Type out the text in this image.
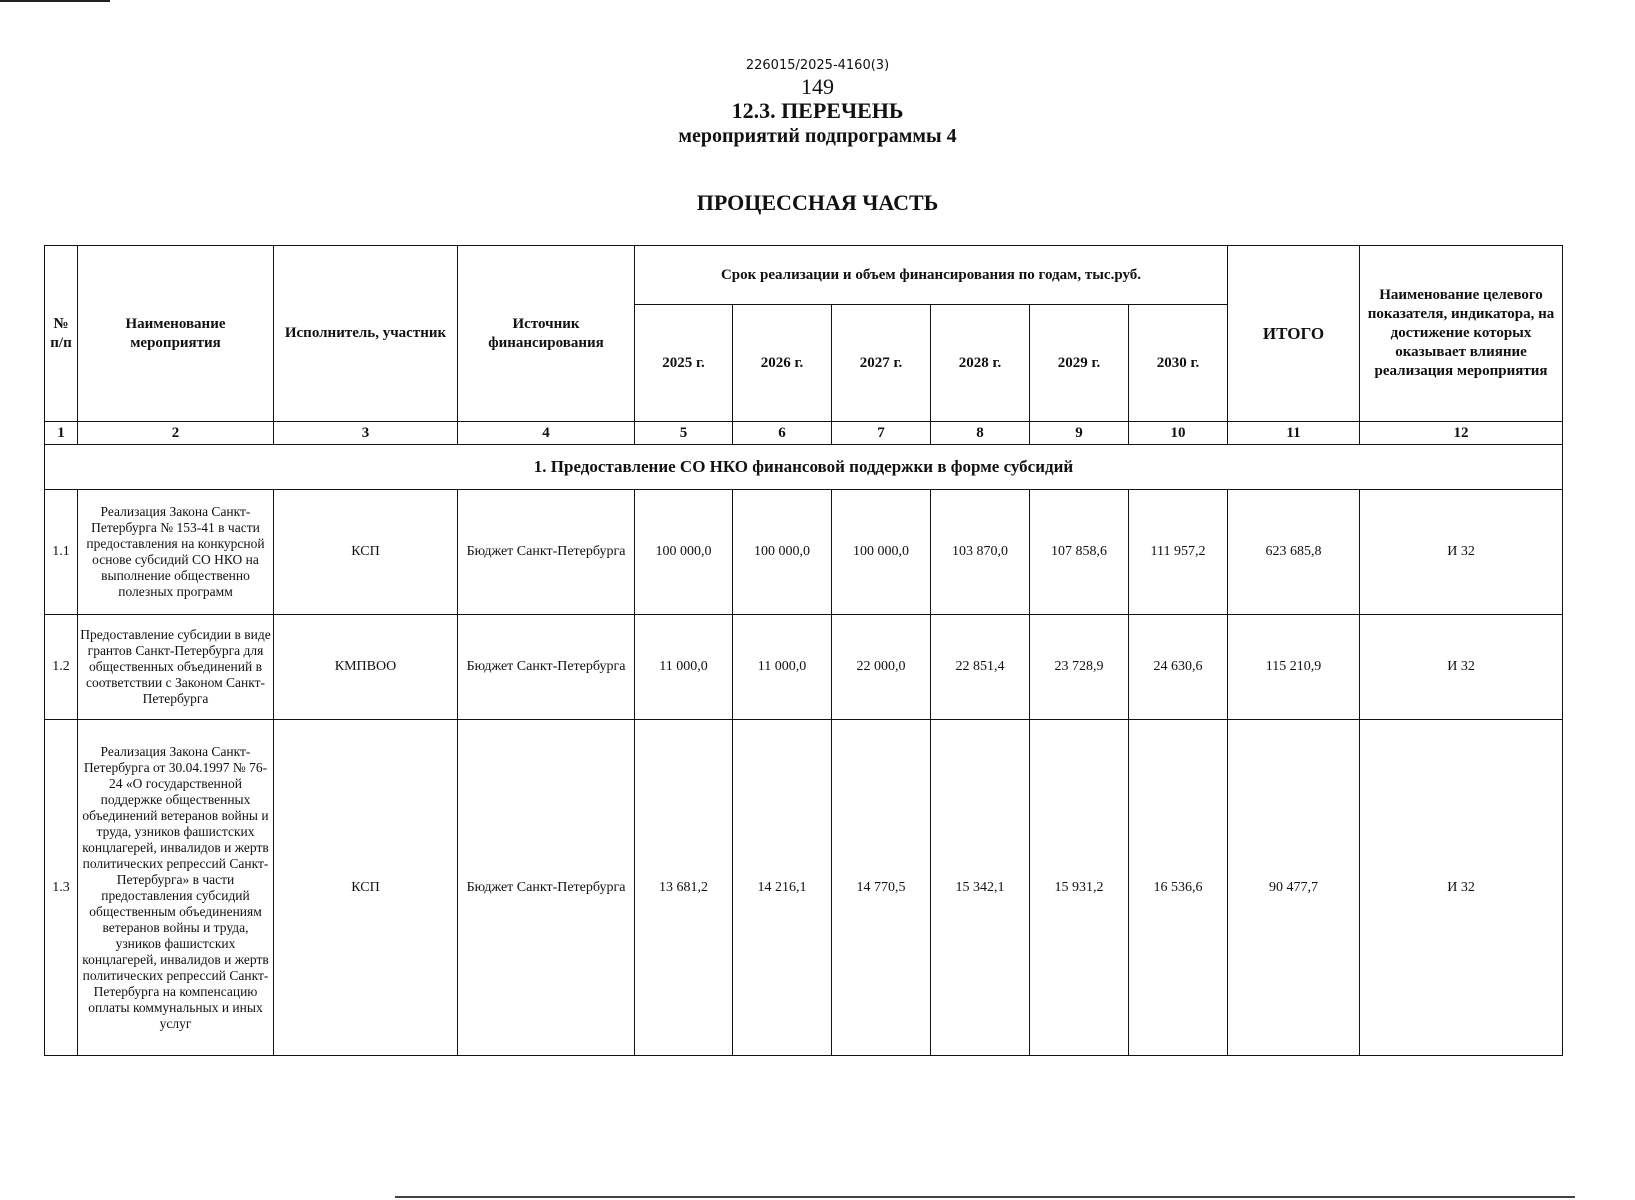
226015/2025-4160(3)
149
12.3. ПЕРЕЧЕНЬ
мероприятий подпрограммы 4
ПРОЦЕССНАЯ ЧАСТЬ
№ п/п	Наименование мероприятия	Исполнитель, участник	Источник финансирования	Срок реализации и объем финансирования по годам, тыс.руб.						ИТОГО	Наименование целевого показателя, индикатора, на достижение которых оказывает влияние реализация мероприятия
				2025 г.	2026 г.	2027 г.	2028 г.	2029 г.	2030 г.		
1	2	3	4	5	6	7	8	9	10	11	12
1. Предоставление СО НКО финансовой поддержки в форме субсидий											
1.1	Реализация Закона Санкт-Петербурга № 153-41 в части предоставления на конкурсной основе субсидий СО НКО на выполнение общественно полезных программ	КСП	Бюджет Санкт-Петербурга	100 000,0	100 000,0	100 000,0	103 870,0	107 858,6	111 957,2	623 685,8	И 32
1.2	Предоставление субсидии в виде грантов Санкт-Петербурга для общественных объединений в соответствии с Законом Санкт-Петербурга	КМПВОО	Бюджет Санкт-Петербурга	11 000,0	11 000,0	22 000,0	22 851,4	23 728,9	24 630,6	115 210,9	И 32
1.3	Реализация Закона Санкт-Петербурга от 30.04.1997 № 76-24 «О государственной поддержке общественных объединений ветеранов войны и труда, узников фашистских концлагерей, инвалидов и жертв политических репрессий Санкт-Петербурга» в части предоставления субсидий общественным объединениям ветеранов войны и труда, узников фашистских концлагерей, инвалидов и жертв политических репрессий Санкт-Петербурга на компенсацию оплаты коммунальных и иных услуг	КСП	Бюджет Санкт-Петербурга	13 681,2	14 216,1	14 770,5	15 342,1	15 931,2	16 536,6	90 477,7	И 32
